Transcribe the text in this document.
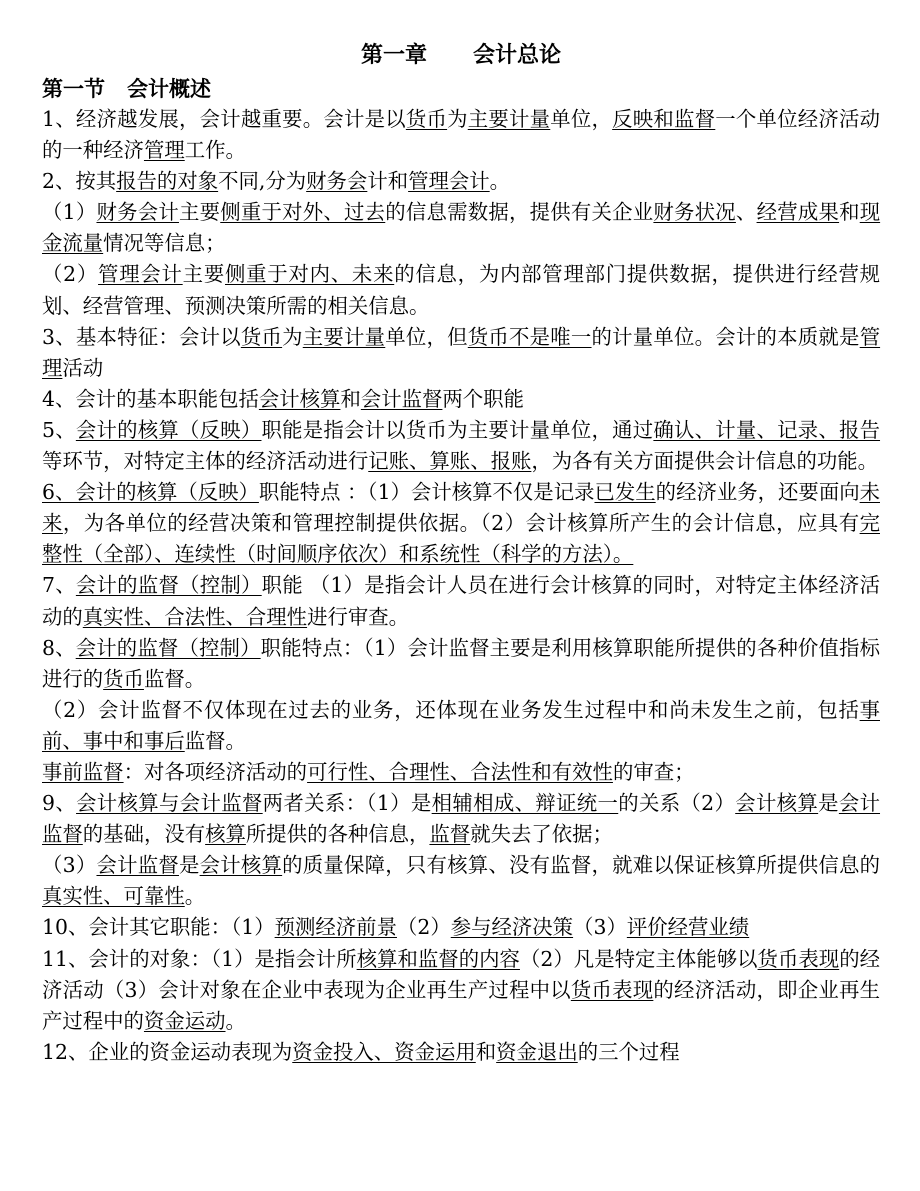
第一章 会计总论
第一节 会计概述

1、经济越发展，会计越重要。会计是以货币为主要计量单位，反映和监督一个单位经济活动的一种经济管理工作。

2、按其报告的对象不同,分为财务会计和管理会计。

（1）财务会计主要侧重于对外、过去的信息需数据，提供有关企业财务状况、经营成果和现金流量情况等信息；

（2）管理会计主要侧重于对内、未来的信息，为内部管理部门提供数据，提供进行经营规划、经营管理、预测决策所需的相关信息。

3、基本特征：会计以货币为主要计量单位，但货币不是唯一的计量单位。会计的本质就是管理活动

4、会计的基本职能包括会计核算和会计监督两个职能

5、会计的核算（反映）职能是指会计以货币为主要计量单位，通过确认、计量、记录、报告等环节，对特定主体的经济活动进行记账、算账、报账，为各有关方面提供会计信息的功能。

6、会计的核算（反映）职能特点 ：（1）会计核算不仅是记录已发生的经济业务，还要面向未来，为各单位的经营决策和管理控制提供依据。（2）会计核算所产生的会计信息，应具有完整性（全部）、连续性（时间顺序依次）和系统性（科学的方法）。

7、会计的监督（控制）职能 （1）是指会计人员在进行会计核算的同时，对特定主体经济活动的真实性、合法性、合理性进行审查。

8、会计的监督（控制）职能特点：（1）会计监督主要是利用核算职能所提供的各种价值指标进行的货币监督。

（2）会计监督不仅体现在过去的业务，还体现在业务发生过程中和尚未发生之前，包括事前、事中和事后监督。

事前监督：对各项经济活动的可行性、合理性、合法性和有效性的审查；

9、会计核算与会计监督两者关系：（1）是相辅相成、辩证统一的关系（2）会计核算是会计监督的基础，没有核算所提供的各种信息，监督就失去了依据；

（3）会计监督是会计核算的质量保障，只有核算、没有监督，就难以保证核算所提供信息的真实性、可靠性。

10、会计其它职能：（1）预测经济前景（2）参与经济决策（3）评价经营业绩

11、会计的对象：（1）是指会计所核算和监督的内容（2）凡是特定主体能够以货币表现的经济活动（3）会计对象在企业中表现为企业再生产过程中以货币表现的经济活动，即企业再生产过程中的资金运动。

12、企业的资金运动表现为资金投入、资金运用和资金退出的三个过程
